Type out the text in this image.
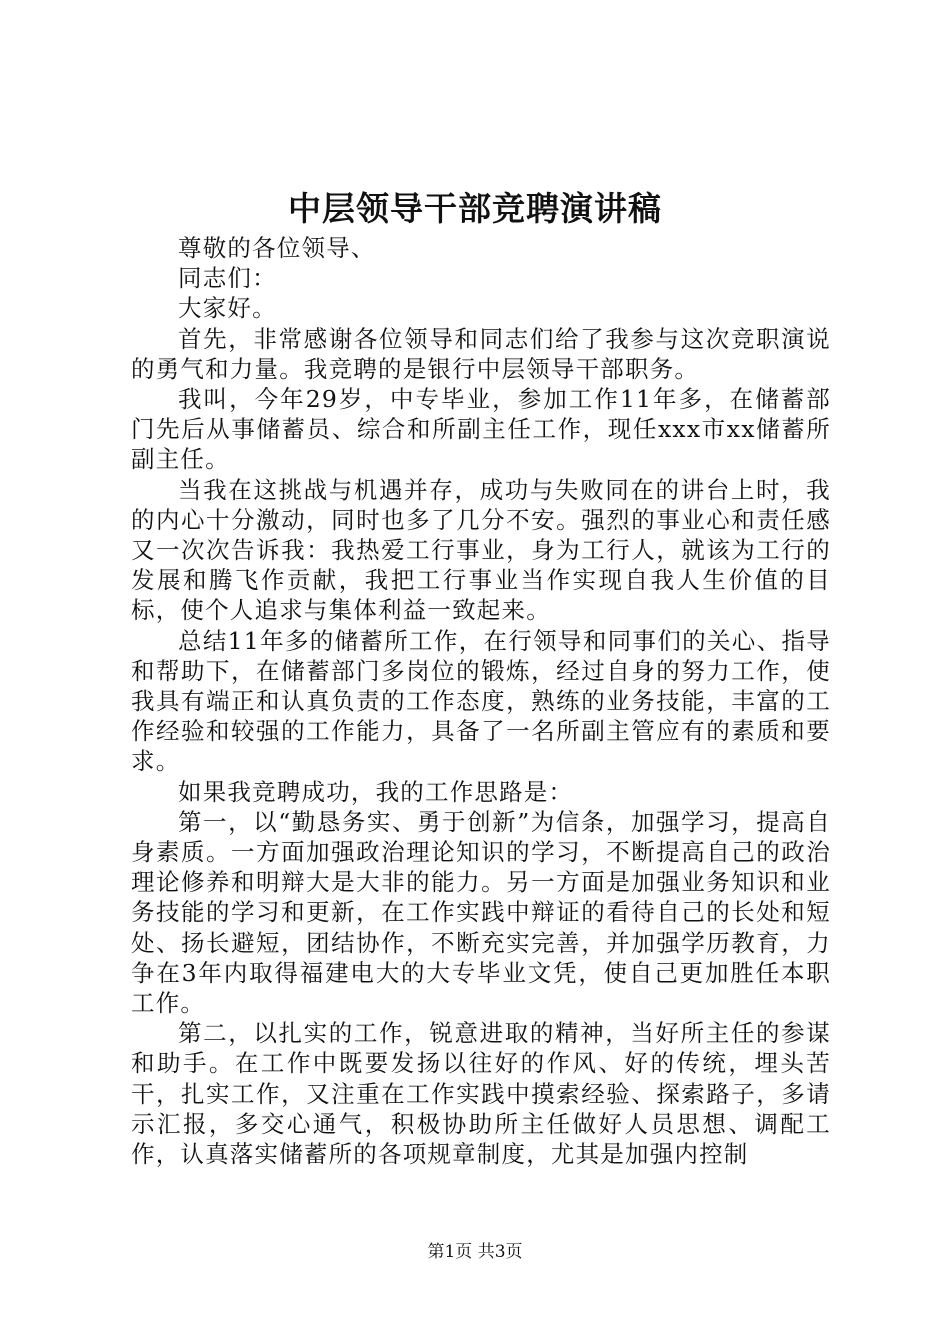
中层领导干部竞聘演讲稿

尊敬的各位领导、

同志们：

大家好。

首先，非常感谢各位领导和同志们给了我参与这次竞职演说的勇气和力量。我竞聘的是银行中层领导干部职务。

我叫，今年29岁，中专毕业，参加工作11年多，在储蓄部门先后从事储蓄员、综合和所副主任工作，现任xxx市xx储蓄所副主任。

当我在这挑战与机遇并存，成功与失败同在的讲台上时，我的内心十分激动，同时也多了几分不安。强烈的事业心和责任感又一次次告诉我：我热爱工行事业，身为工行人，就该为工行的发展和腾飞作贡献，我把工行事业当作实现自我人生价值的目标，使个人追求与集体利益一致起来。

总结11年多的储蓄所工作，在行领导和同事们的关心、指导和帮助下，在储蓄部门多岗位的锻炼，经过自身的努力工作，使我具有端正和认真负责的工作态度，熟练的业务技能，丰富的工作经验和较强的工作能力，具备了一名所副主管应有的素质和要求。

如果我竞聘成功，我的工作思路是：

第一，以“勤恳务实、勇于创新”为信条，加强学习，提高自身素质。一方面加强政治理论知识的学习，不断提高自己的政治理论修养和明辩大是大非的能力。另一方面是加强业务知识和业务技能的学习和更新，在工作实践中辩证的看待自己的长处和短处、扬长避短，团结协作，不断充实完善，并加强学历教育，力争在3年内取得福建电大的大专毕业文凭，使自己更加胜任本职工作。

第二，以扎实的工作，锐意进取的精神，当好所主任的参谋和助手。在工作中既要发扬以往好的作风、好的传统，埋头苦干，扎实工作，又注重在工作实践中摸索经验、探索路子，多请示汇报，多交心通气，积极协助所主任做好人员思想、调配工作，认真落实储蓄所的各项规章制度，尤其是加强内控制

第1页 共3页
